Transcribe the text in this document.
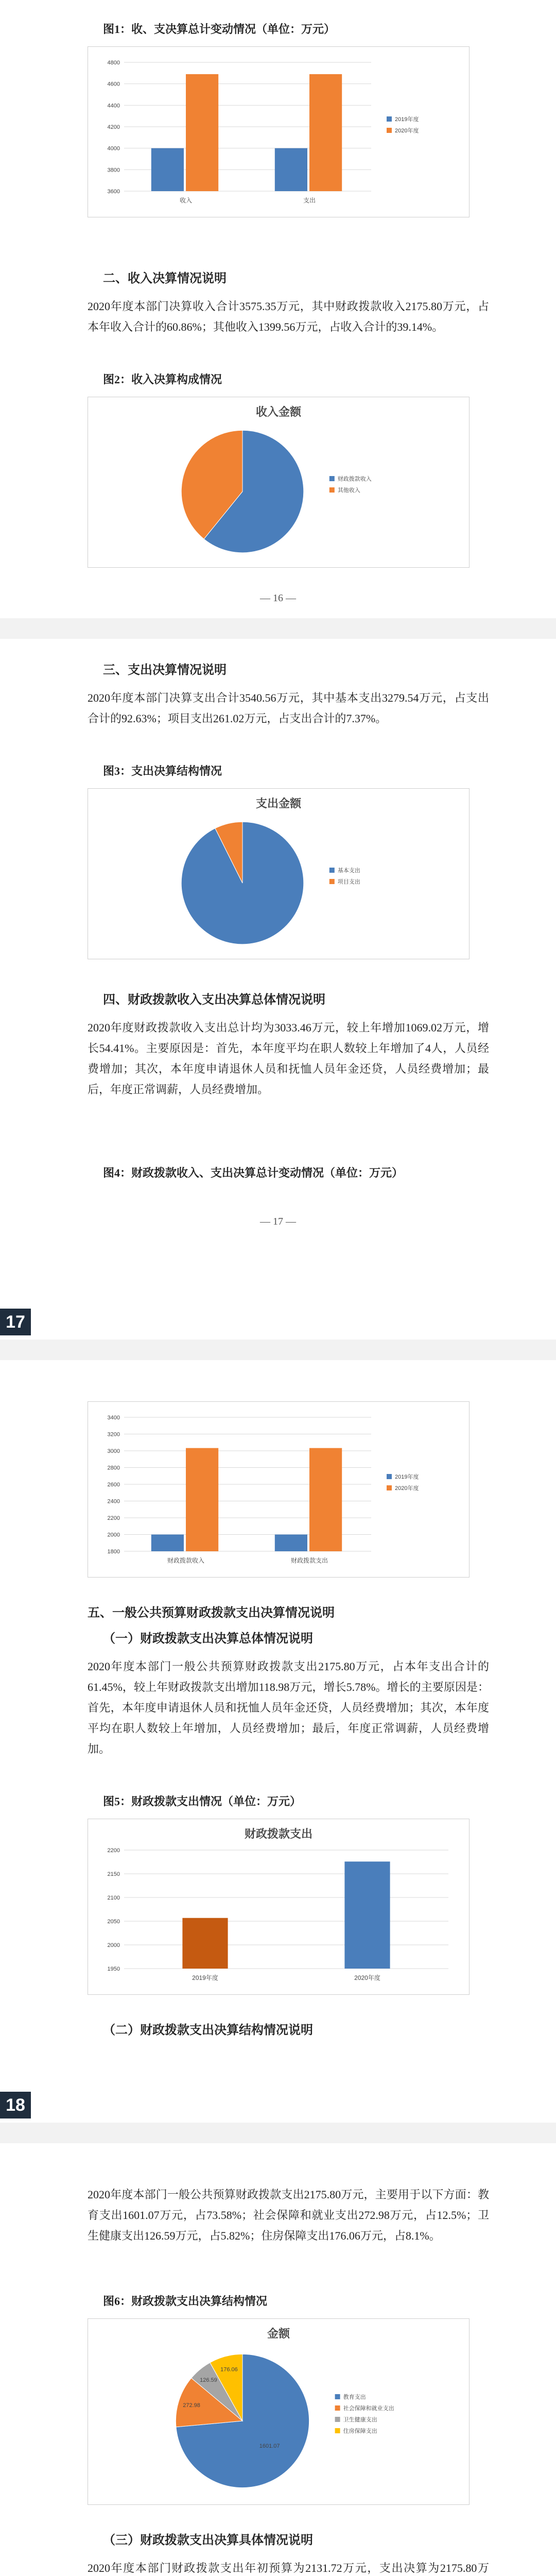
图1：收、支决算总计变动情况（单位：万元）
3600
3800
4000
4200
4400
4600
4800
收入	支出
2019年度
2020年度
二、收入决算情况说明
2020年度本部门决算收入合计3575.35万元，其中财政拨款收入2175.80万元，占本年收入合计的60.86%；其他收入1399.56万元，占收入合计的39.14%。
图2：收入决算构成情况
收入金额
财政拨款收入
其他收入
— 16 —
三、支出决算情况说明
2020年度本部门决算支出合计3540.56万元，其中基本支出3279.54万元，占支出合计的92.63%；项目支出261.02万元，占支出合计的7.37%。
图3：支出决算结构情况
支出金额
基本支出
项目支出
四、财政拨款收入支出决算总体情况说明
2020年度财政拨款收入支出总计均为3033.46万元，较上年增加1069.02万元，增长54.41%。主要原因是：首先，本年度平均在职人数较上年增加了4人，人员经费增加；其次，本年度申请退休人员和抚恤人员年金还贷，人员经费增加；最后，年度正常调薪，人员经费增加。
图4：财政拨款收入、支出决算总计变动情况（单位：万元）
— 17 —
17
1800
2000
2200
2400
2600
2800
3000
3200
3400
财政拨款收入	财政拨款支出
2019年度
2020年度
五、一般公共预算财政拨款支出决算情况说明
（一）财政拨款支出决算总体情况说明
2020年度本部门一般公共预算财政拨款支出2175.80万元，占本年支出合计的61.45%，较上年财政拨款支出增加118.98万元，增长5.78%。增长的主要原因是：首先，本年度申请退休人员和抚恤人员年金还贷，人员经费增加；其次，本年度平均在职人数较上年增加，人员经费增加；最后，年度正常调薪，人员经费增加。
图5：财政拨款支出情况（单位：万元）
财政拨款支出
1950
2000
2050
2100
2150
2200
2019年度	2020年度
（二）财政拨款支出决算结构情况说明
18
2020年度本部门一般公共预算财政拨款支出2175.80万元，主要用于以下方面：教育支出1601.07万元，占73.58%；社会保障和就业支出272.98万元，占12.5%；卫生健康支出126.59万元，占5.82%；住房保障支出176.06万元，占8.1%。
图6：财政拨款支出决算结构情况
金额
1601.07
272.98
126.59
176.06
教育支出
社会保障和就业支出
卫生健康支出
住房保障支出
（三）财政拨款支出决算具体情况说明
2020年度本部门财政拨款支出年初预算为2131.72万元，支出决算为2175.80万
